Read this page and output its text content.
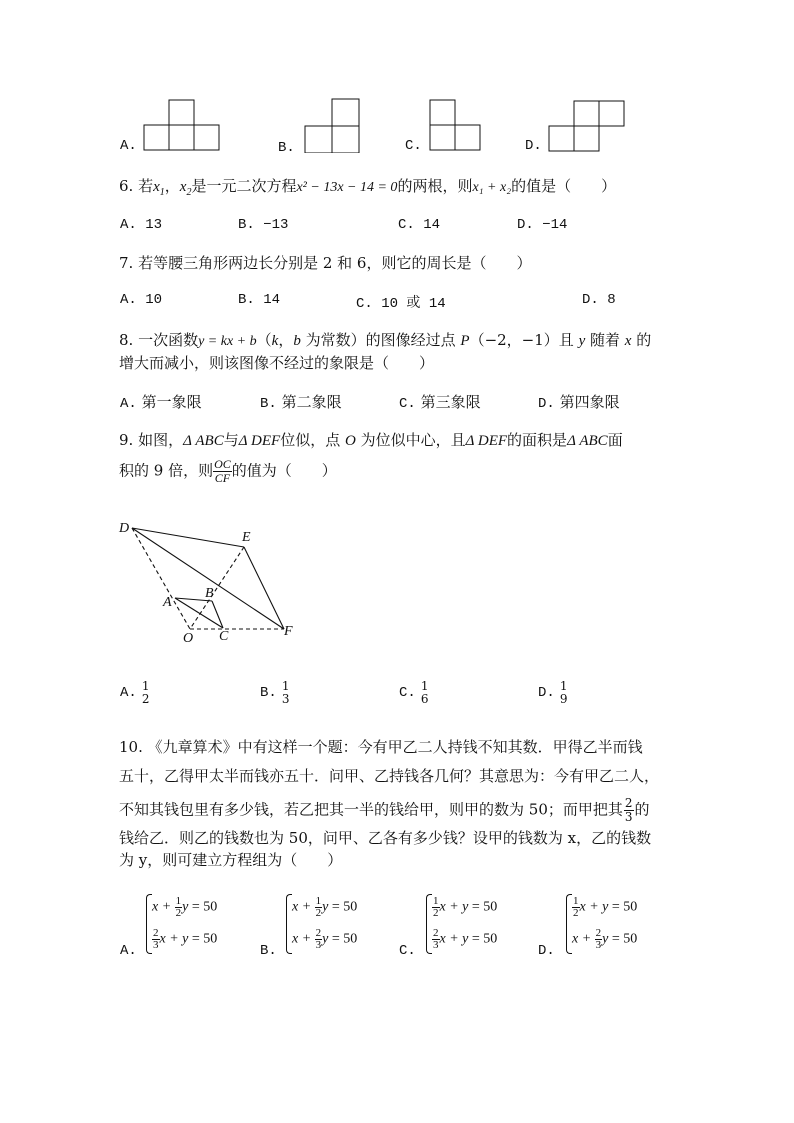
A.	B.	C.	D.
6. 若$x_1$，$x_2$是一元二次方程x² − 13x − 14 = 0的两根，则x₁ + x₂的值是（　　）
A. 13	B. −13	C. 14	D. −14
7. 若等腰三角形两边长分别是 2 和 6，则它的周长是（　　）
A. 10	B. 14	C. 10 或 14	D. 8
8. 一次函数y = kx + b（k，b 为常数）的图像经过点 P（−2，−1）且 y 随着 x 的
增大而减小，则该图像不经过的象限是（　　）
A. 第一象限	B. 第二象限	C. 第三象限	D. 第四象限
9. 如图，Δ ABC与Δ DEF位似，点 O 为位似中心，且Δ DEF的面积是Δ ABC面
积的 9 倍，则 $\frac{OC}{CF}$ 的值为（　　）
D
E
A
B
O C	F
A. 1
2	B. 1
3	C. 1
6	D. 1
9
10. 《九章算术》中有这样一个题：今有甲乙二人持钱不知其数．甲得乙半而钱
五十，乙得甲太半而钱亦五十．问甲、乙持钱各几何？其意思为：今有甲乙二人，
不知其钱包里有多少钱，若乙把其一半的钱给甲，则甲的数为 50；而甲把其 $\frac{2}{3}$ 的
钱给乙．则乙的钱数也为 50，问甲、乙各有多少钱？设甲的钱数为 x，乙的钱数
为 y，则可建立方程组为（　　）
A.
$x + \frac{1}{2}$ y = 50
$\frac{2}{3}$ x + y = 50
B.
$x + \frac{1}{2}$ y = 50
$x + \frac{2}{3}$ y = 50
C.
$\frac{1}{2}$ x + y = 50
$\frac{2}{3}$ x + y = 50
D.
$\frac{1}{2}$ x + y = 50
$x + \frac{2}{3}$ y = 50
